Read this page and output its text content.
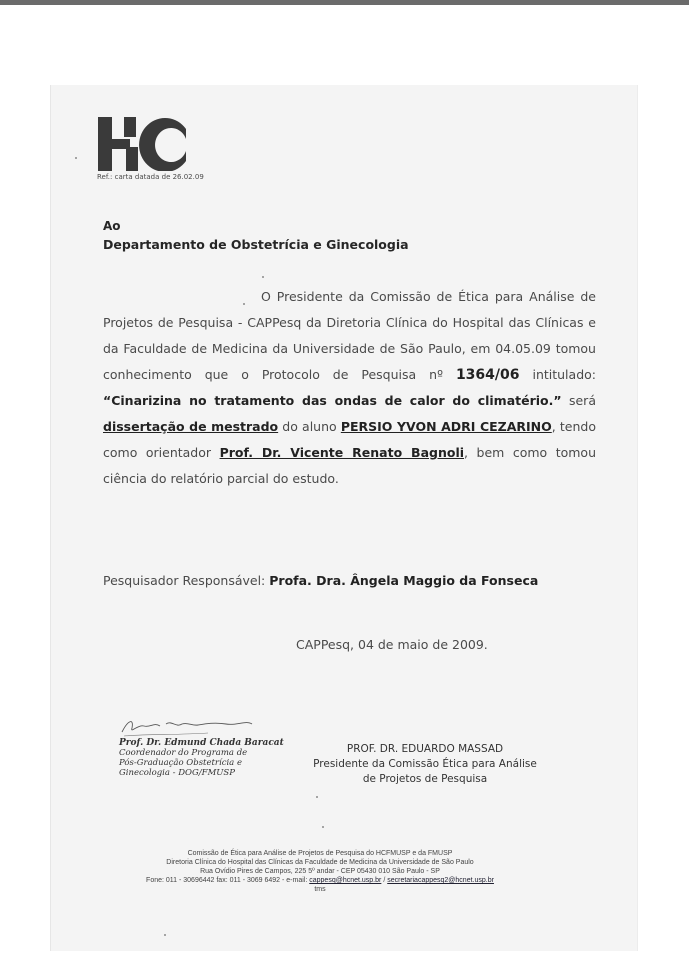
Ref.: carta datada de 26.02.09
Ao
Departamento de Obstetrícia e Ginecologia

O Presidente da Comissão de Ética para Análise de Projetos de Pesquisa - CAPPesq da Diretoria Clínica do Hospital das Clínicas e da Faculdade de Medicina da Universidade de São Paulo, em 04.05.09 tomou conhecimento que o Protocolo de Pesquisa nº 1364/06 intitulado: “Cinarizina no tratamento das ondas de calor do climatério.” será dissertação de mestrado do aluno PERSIO YVON ADRI CEZARINO, tendo como orientador Prof. Dr. Vicente Renato Bagnoli, bem como tomou ciência do relatório parcial do estudo.

Pesquisador Responsável: Profa. Dra. Ângela Maggio da Fonseca
CAPPesq, 04 de maio de 2009.
Prof. Dr. Edmund Chada Baracat
Coordenador do Programa de
Pós-Graduação Obstetrícia e
Ginecologia - DOG/FMUSP
PROF. DR. EDUARDO MASSAD
Presidente da Comissão Ética para Análise
de Projetos de Pesquisa
Comissão de Ética para Análise de Projetos de Pesquisa do HCFMUSP e da FMUSP
Diretoria Clínica do Hospital das Clínicas da Faculdade de Medicina da Universidade de São Paulo
Rua Ovídio Pires de Campos, 225 5º andar - CEP 05430 010 São Paulo - SP
Fone: 011 - 30696442 fax: 011 - 3069 6492 - e-mail: cappesq@hcnet.usp.br / secretariacappesq2@hcnet.usp.br
tms
